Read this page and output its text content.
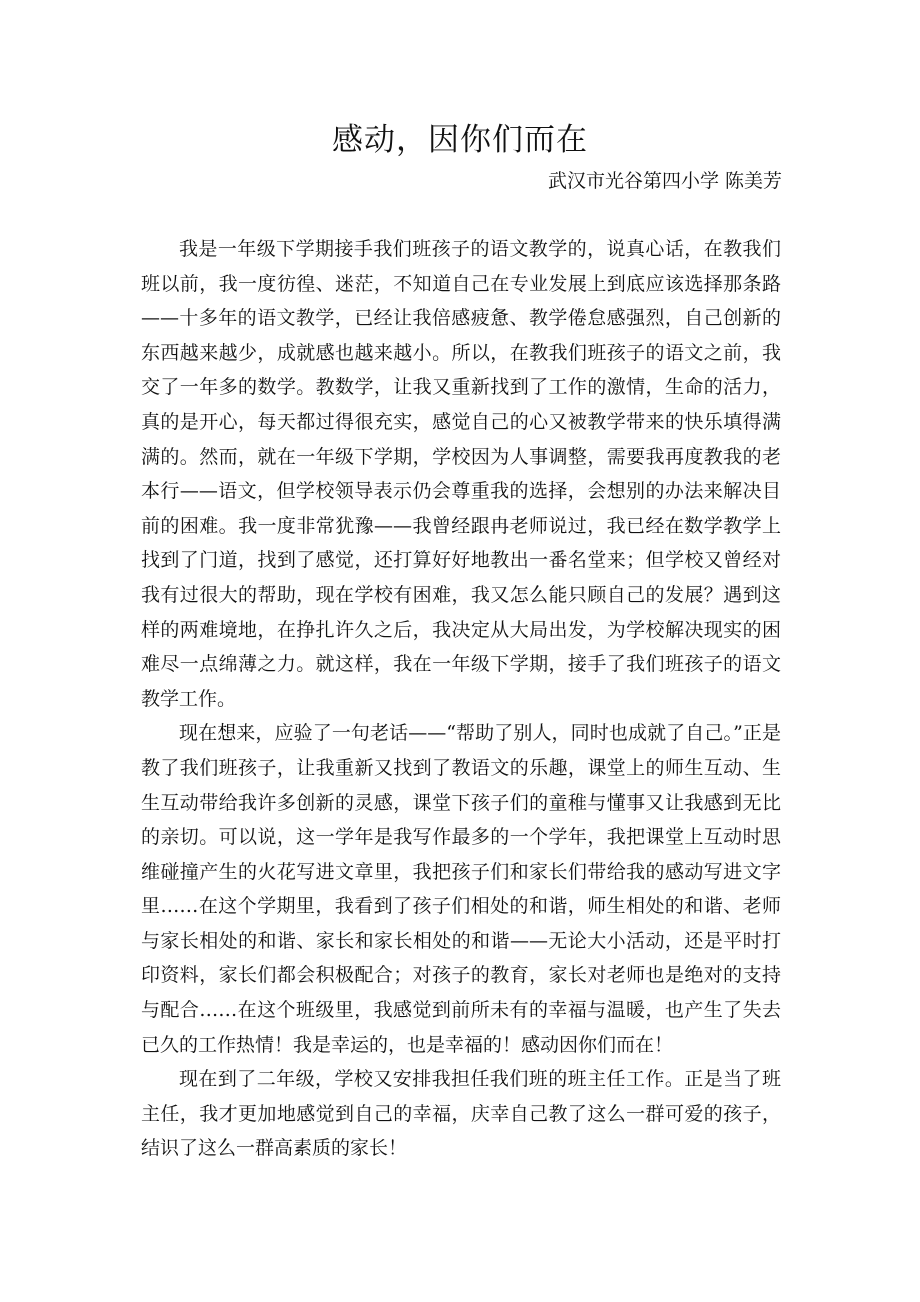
感动，因你们而在

武汉市光谷第四小学 陈美芳

我是一年级下学期接手我们班孩子的语文教学的，说真心话，在教我们班以前，我一度彷徨、迷茫，不知道自己在专业发展上到底应该选择那条路——十多年的语文教学，已经让我倍感疲惫、教学倦怠感强烈，自己创新的东西越来越少，成就感也越来越小。所以，在教我们班孩子的语文之前，我交了一年多的数学。教数学，让我又重新找到了工作的激情，生命的活力，真的是开心，每天都过得很充实，感觉自己的心又被教学带来的快乐填得满满的。然而，就在一年级下学期，学校因为人事调整，需要我再度教我的老本行——语文，但学校领导表示仍会尊重我的选择，会想别的办法来解决目前的困难。我一度非常犹豫——我曾经跟冉老师说过，我已经在数学教学上找到了门道，找到了感觉，还打算好好地教出一番名堂来；但学校又曾经对我有过很大的帮助，现在学校有困难，我又怎么能只顾自己的发展？遇到这样的两难境地，在挣扎许久之后，我决定从大局出发，为学校解决现实的困难尽一点绵薄之力。就这样，我在一年级下学期，接手了我们班孩子的语文教学工作。

现在想来，应验了一句老话——“帮助了别人，同时也成就了自己。”正是教了我们班孩子，让我重新又找到了教语文的乐趣，课堂上的师生互动、生生互动带给我许多创新的灵感，课堂下孩子们的童稚与懂事又让我感到无比的亲切。可以说，这一学年是我写作最多的一个学年，我把课堂上互动时思维碰撞产生的火花写进文章里，我把孩子们和家长们带给我的感动写进文字里……在这个学期里，我看到了孩子们相处的和谐，师生相处的和谐、老师与家长相处的和谐、家长和家长相处的和谐——无论大小活动，还是平时打印资料，家长们都会积极配合；对孩子的教育，家长对老师也是绝对的支持与配合……在这个班级里，我感觉到前所未有的幸福与温暖，也产生了失去已久的工作热情！我是幸运的，也是幸福的！感动因你们而在！

现在到了二年级，学校又安排我担任我们班的班主任工作。正是当了班主任，我才更加地感觉到自己的幸福，庆幸自己教了这么一群可爱的孩子，结识了这么一群高素质的家长！
